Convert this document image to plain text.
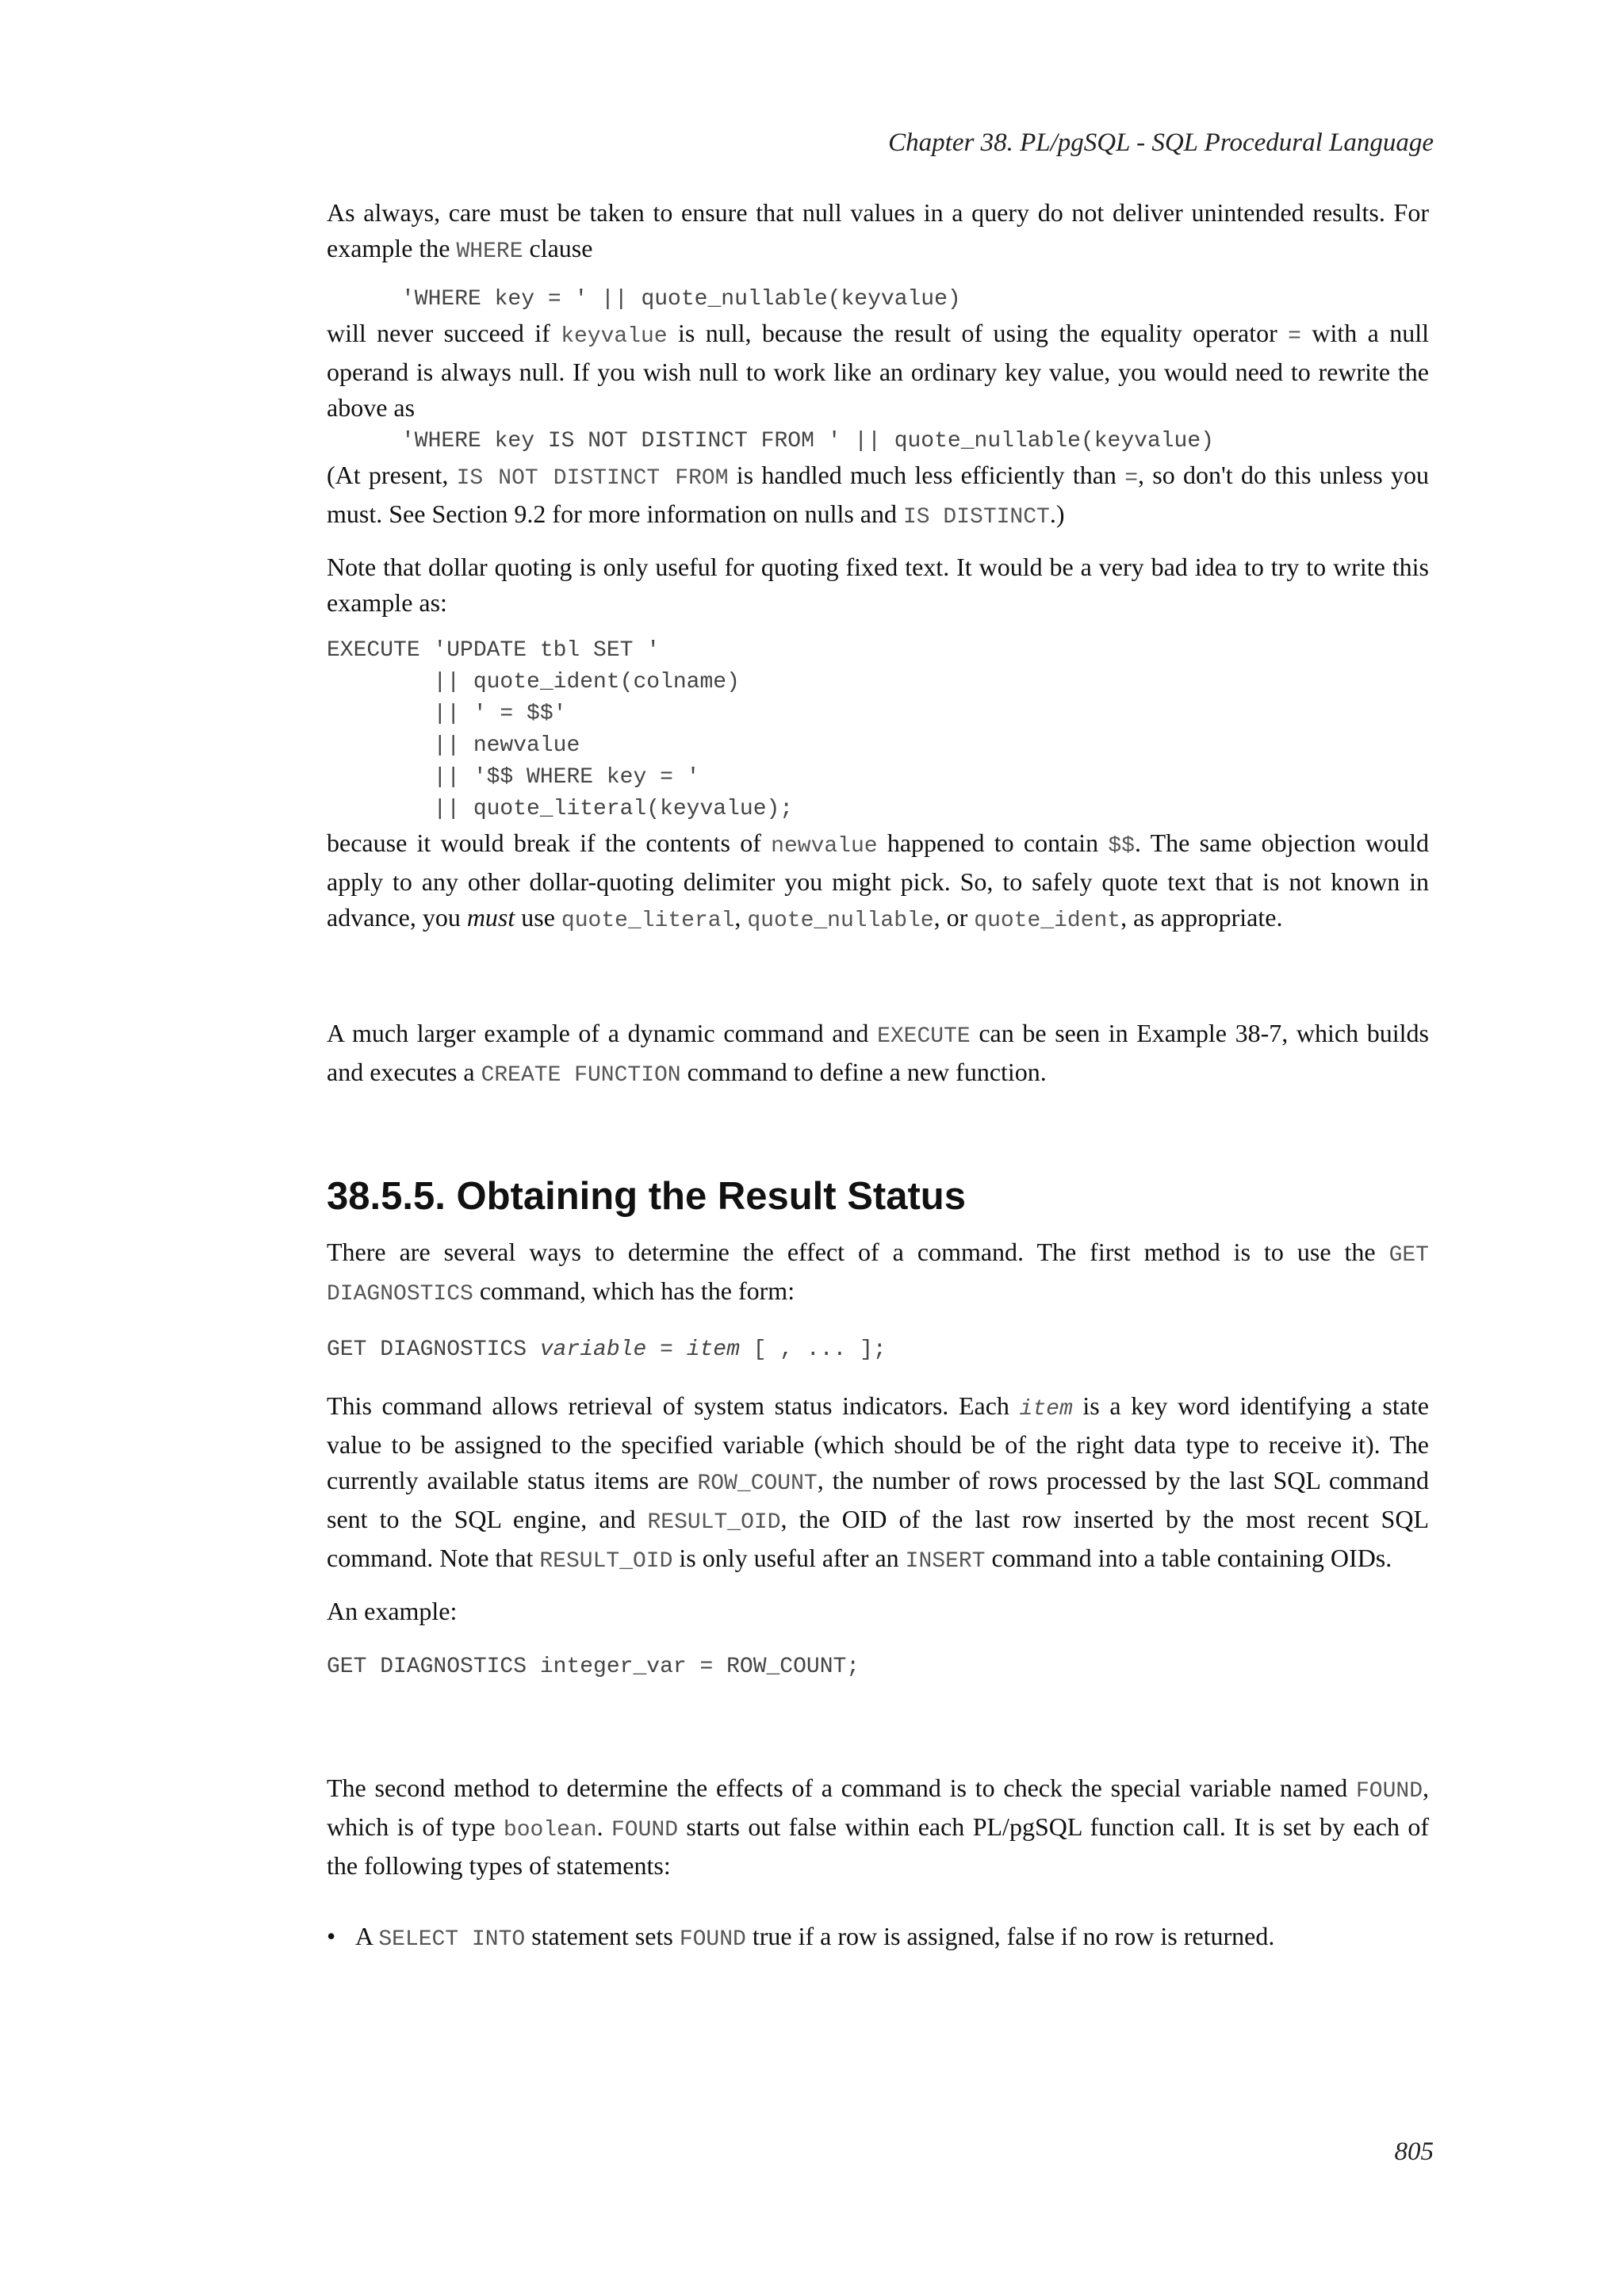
Chapter 38. PL/pgSQL - SQL Procedural Language

As always, care must be taken to ensure that null values in a query do not deliver unintended results. For example the WHERE clause

'WHERE key = ' || quote_nullable(keyvalue)

will never succeed if keyvalue is null, because the result of using the equality operator = with a null operand is always null. If you wish null to work like an ordinary key value, you would need to rewrite the above as

'WHERE key IS NOT DISTINCT FROM ' || quote_nullable(keyvalue)

(At present, IS NOT DISTINCT FROM is handled much less efficiently than =, so don't do this unless you must. See Section 9.2 for more information on nulls and IS DISTINCT.)

Note that dollar quoting is only useful for quoting fixed text. It would be a very bad idea to try to write this example as:

EXECUTE 'UPDATE tbl SET '
|| quote_ident(colname)
|| ' = $$'
|| newvalue
|| '$$ WHERE key = '
|| quote_literal(keyvalue);

because it would break if the contents of newvalue happened to contain $$. The same objection would apply to any other dollar-quoting delimiter you might pick. So, to safely quote text that is not known in advance, you must use quote_literal, quote_nullable, or quote_ident, as appropriate.

A much larger example of a dynamic command and EXECUTE can be seen in Example 38-7, which builds and executes a CREATE FUNCTION command to define a new function.

38.5.5. Obtaining the Result Status

There are several ways to determine the effect of a command. The first method is to use the GET DIAGNOSTICS command, which has the form:

GET DIAGNOSTICS variable = item [ , ... ];

This command allows retrieval of system status indicators. Each item is a key word identifying a state value to be assigned to the specified variable (which should be of the right data type to receive it). The currently available status items are ROW_COUNT, the number of rows processed by the last SQL command sent to the SQL engine, and RESULT_OID, the OID of the last row inserted by the most recent SQL command. Note that RESULT_OID is only useful after an INSERT command into a table containing OIDs.

An example:

GET DIAGNOSTICS integer_var = ROW_COUNT;

The second method to determine the effects of a command is to check the special variable named FOUND, which is of type boolean. FOUND starts out false within each PL/pgSQL function call. It is set by each of the following types of statements:

• A SELECT INTO statement sets FOUND true if a row is assigned, false if no row is returned.
805
